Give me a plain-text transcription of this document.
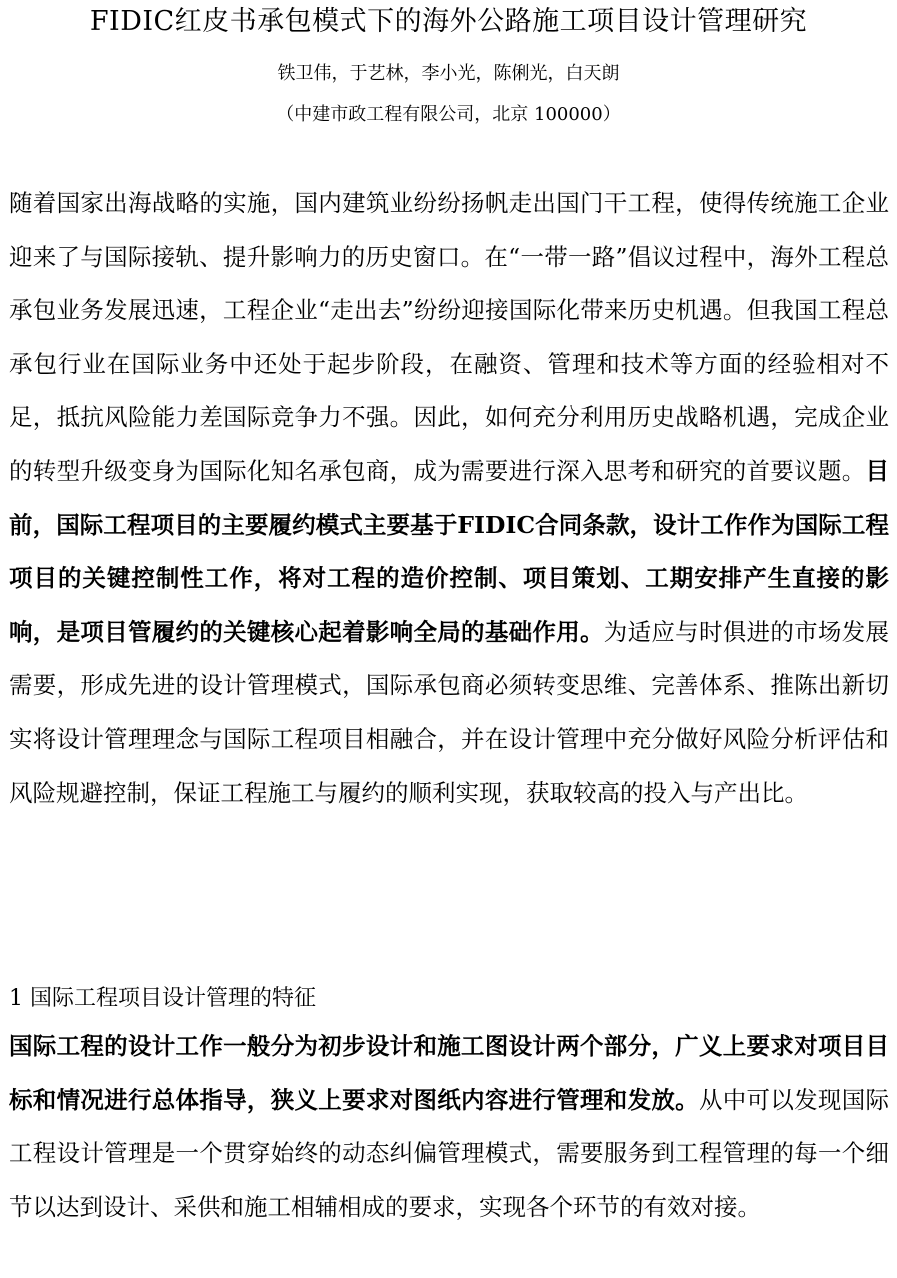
FIDIC红皮书承包模式下的海外公路施工项目设计管理研究
铁卫伟，于艺林，李小光，陈俐光，白天朗
（中建市政工程有限公司，北京 100000）
随着国家出海战略的实施，国内建筑业纷纷扬帆走出国门干工程，使得传统施工企业迎来了与国际接轨、提升影响力的历史窗口。在“一带一路”倡议过程中，海外工程总承包业务发展迅速，工程企业“走出去”纷纷迎接国际化带来历史机遇。但我国工程总承包行业在国际业务中还处于起步阶段，在融资、管理和技术等方面的经验相对不足，抵抗风险能力差国际竞争力不强。因此，如何充分利用历史战略机遇，完成企业的转型升级变身为国际化知名承包商，成为需要进行深入思考和研究的首要议题。目前，国际工程项目的主要履约模式主要基于FIDIC合同条款，设计工作作为国际工程项目的关键控制性工作，将对工程的造价控制、项目策划、工期安排产生直接的影响，是项目管履约的关键核心起着影响全局的基础作用。为适应与时俱进的市场发展需要，形成先进的设计管理模式，国际承包商必须转变思维、完善体系、推陈出新切实将设计管理理念与国际工程项目相融合，并在设计管理中充分做好风险分析评估和风险规避控制，保证工程施工与履约的顺利实现，获取较高的投入与产出比。
1 国际工程项目设计管理的特征
国际工程的设计工作一般分为初步设计和施工图设计两个部分，广义上要求对项目目标和情况进行总体指导，狭义上要求对图纸内容进行管理和发放。从中可以发现国际工程设计管理是一个贯穿始终的动态纠偏管理模式，需要服务到工程管理的每一个细节以达到设计、采供和施工相辅相成的要求，实现各个环节的有效对接。
